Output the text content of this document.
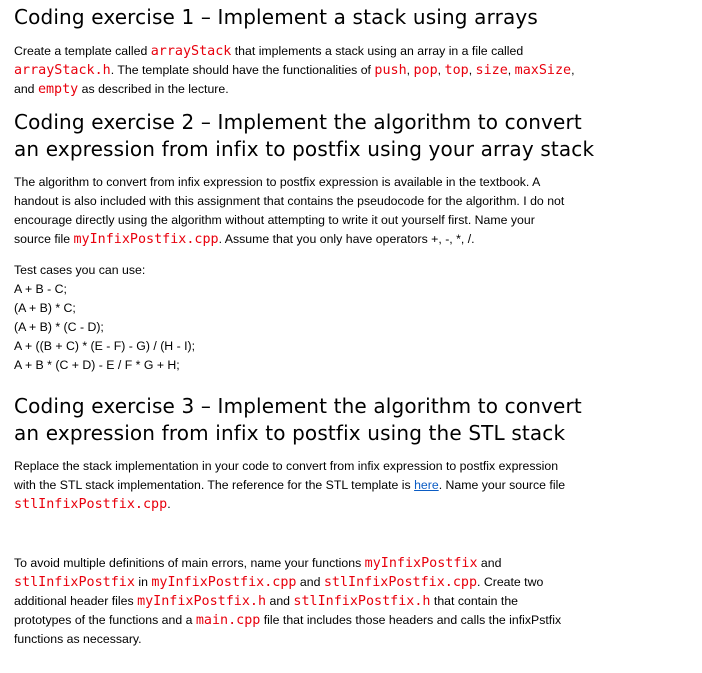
Coding exercise 1 – Implement a stack using arrays
Create a template called arrayStack that implements a stack using an array in a file called
arrayStack.h. The template should have the functionalities of push, pop, top, size, maxSize,
and empty as described in the lecture.
Coding exercise 2 – Implement the algorithm to convert
an expression from infix to postfix using your array stack
The algorithm to convert from infix expression to postfix expression is available in the textbook. A
handout is also included with this assignment that contains the pseudocode for the algorithm. I do not
encourage directly using the algorithm without attempting to write it out yourself first. Name your
source file myInfixPostfix.cpp. Assume that you only have operators +, -, *, /.
Test cases you can use:
A + B - C;
(A + B) * C;
(A + B) * (C - D);
A + ((B + C) * (E - F) - G) / (H - I);
A + B * (C + D) - E / F * G + H;
Coding exercise 3 – Implement the algorithm to convert
an expression from infix to postfix using the STL stack
Replace the stack implementation in your code to convert from infix expression to postfix expression
with the STL stack implementation. The reference for the STL template is here. Name your source file
stlInfixPostfix.cpp.
To avoid multiple definitions of main errors, name your functions myInfixPostfix and
stlInfixPostfix in myInfixPostfix.cpp and stlInfixPostfix.cpp. Create two
additional header files myInfixPostfix.h and stlInfixPostfix.h that contain the
prototypes of the functions and a main.cpp file that includes those headers and calls the infixPstfix
functions as necessary.
